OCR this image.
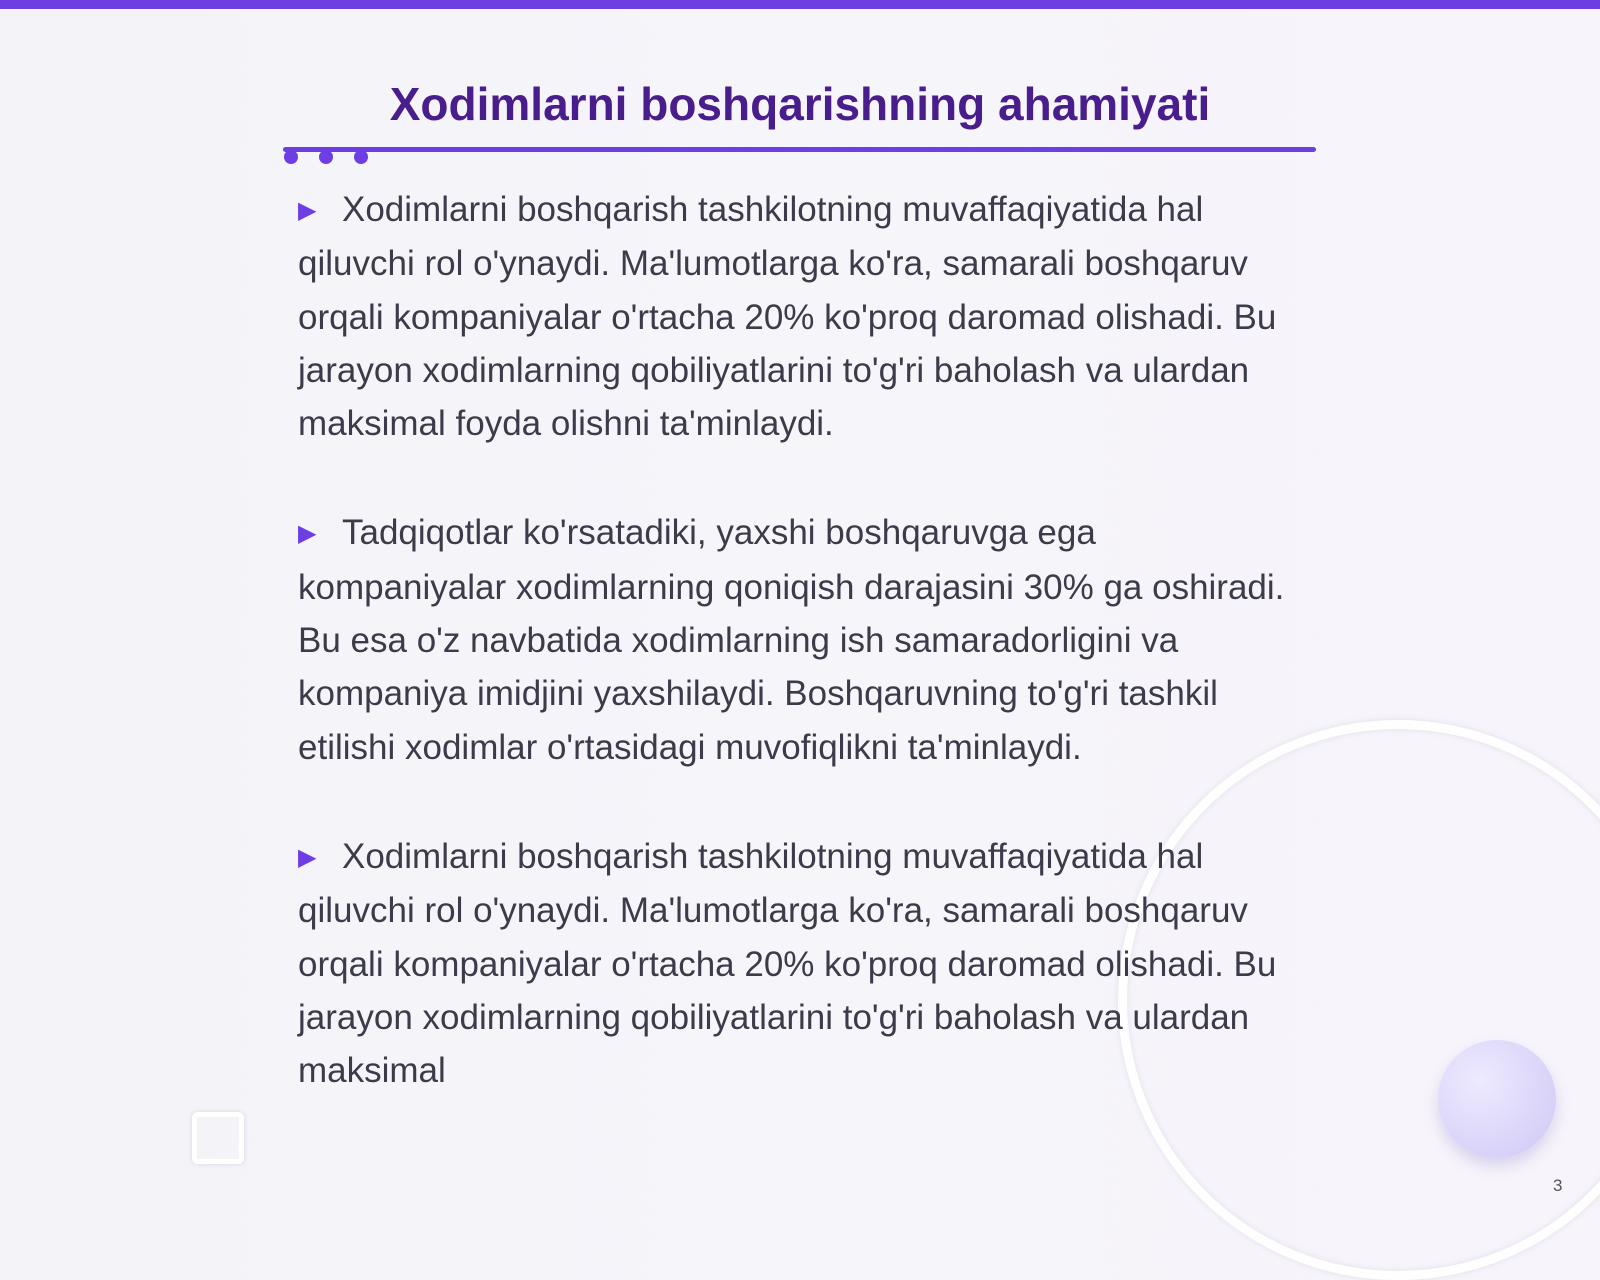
Xodimlarni boshqarishning ahamiyati

▶ Xodimlarni boshqarish tashkilotning muvaffaqiyatida hal qiluvchi rol o'ynaydi. Ma'lumotlarga ko'ra, samarali boshqaruv orqali kompaniyalar o'rtacha 20% ko'proq daromad olishadi. Bu jarayon xodimlarning qobiliyatlarini to'g'ri baholash va ulardan maksimal foyda olishni ta'minlaydi.

▶ Tadqiqotlar ko'rsatadiki, yaxshi boshqaruvga ega kompaniyalar xodimlarning qoniqish darajasini 30% ga oshiradi. Bu esa o'z navbatida xodimlarning ish samaradorligini va kompaniya imidjini yaxshilaydi. Boshqaruvning to'g'ri tashkil etilishi xodimlar o'rtasidagi muvofiqlikni ta'minlaydi.

▶ Xodimlarni boshqarish tashkilotning muvaffaqiyatida hal qiluvchi rol o'ynaydi. Ma'lumotlarga ko'ra, samarali boshqaruv orqali kompaniyalar o'rtacha 20% ko'proq daromad olishadi. Bu jarayon xodimlarning qobiliyatlarini to'g'ri baholash va ulardan maksimal

3
